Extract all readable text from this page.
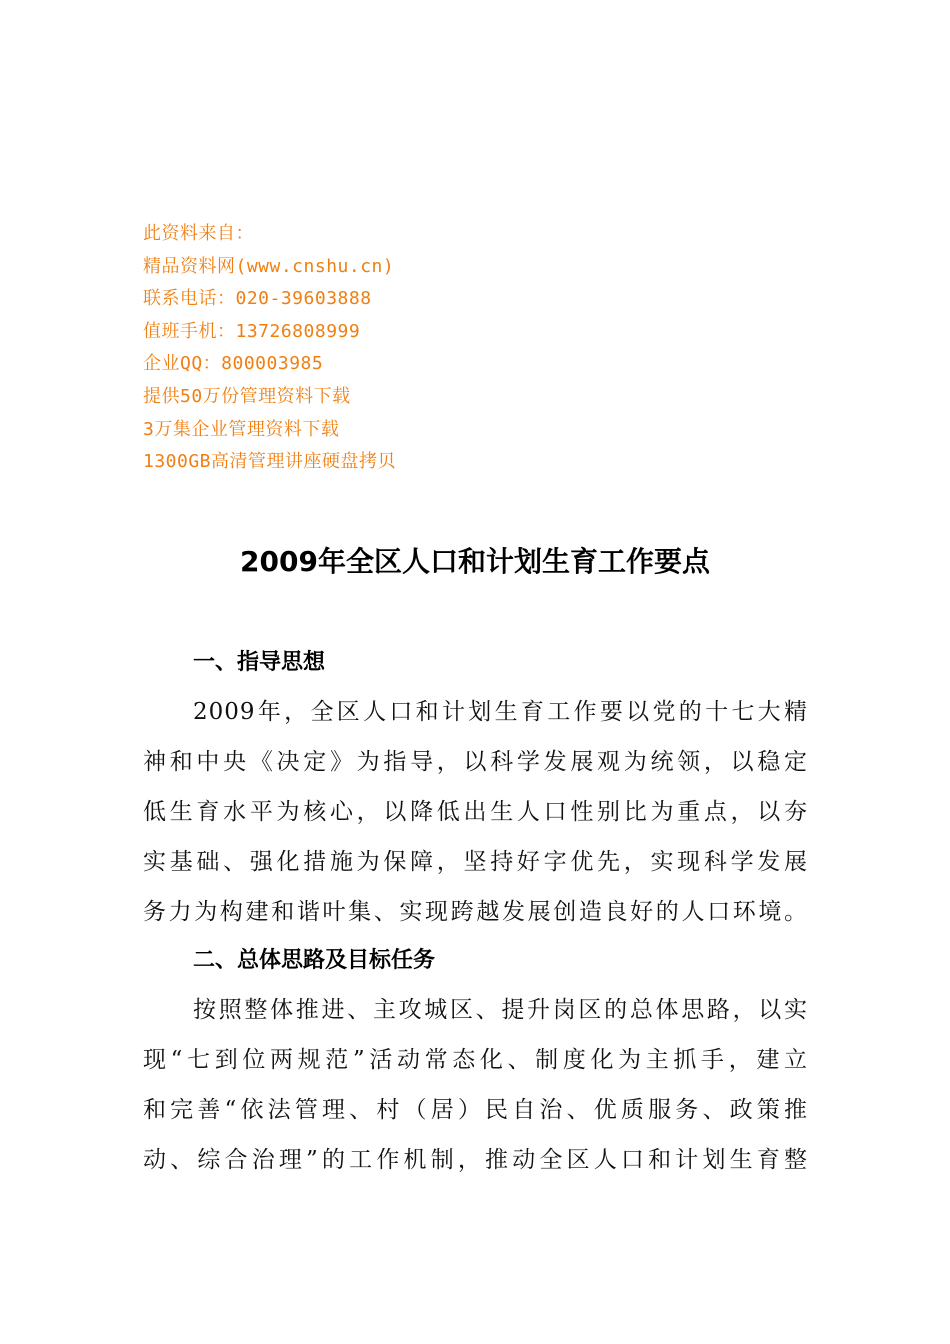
此资料来自：
精品资料网(www.cnshu.cn)
联系电话：020-39603888
值班手机：13726808999
企业QQ：800003985
提供50万份管理资料下载
3万集企业管理资料下载
1300GB高清管理讲座硬盘拷贝
2009年全区人口和计划生育工作要点
一、指导思想
2009年，全区人口和计划生育工作要以党的十七大精
神和中央《决定》为指导，以科学发展观为统领，以稳定
低生育水平为核心，以降低出生人口性别比为重点，以夯
实基础、强化措施为保障，坚持好字优先，实现科学发展
务力为构建和谐叶集、实现跨越发展创造良好的人口环境。
二、总体思路及目标任务
按照整体推进、主攻城区、提升岗区的总体思路，以实
现“七到位两规范”活动常态化、制度化为主抓手，建立
和完善“依法管理、村（居）民自治、优质服务、政策推
动、综合治理”的工作机制，推动全区人口和计划生育整
